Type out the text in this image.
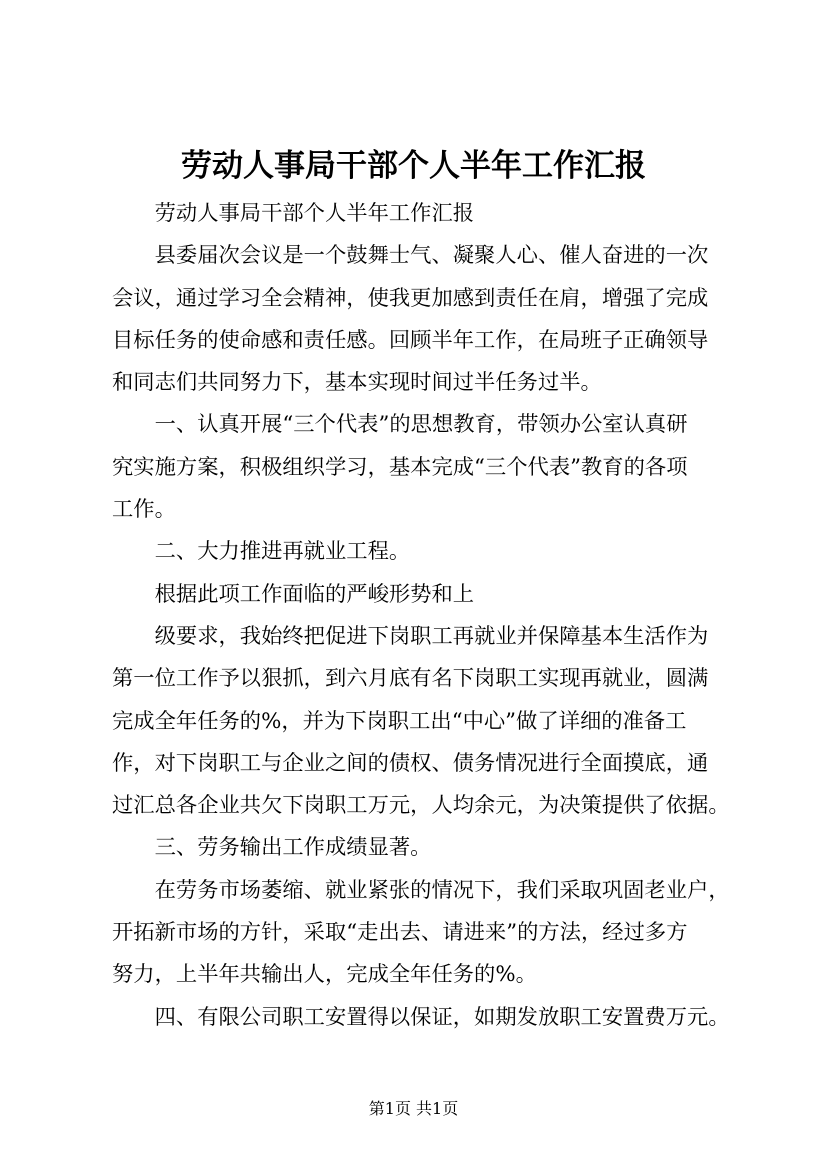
劳动人事局干部个人半年工作汇报

劳动人事局干部个人半年工作汇报

县委届次会议是一个鼓舞士气、凝聚人心、催人奋进的一次

会议，通过学习全会精神，使我更加感到责任在肩，增强了完成

目标任务的使命感和责任感。回顾半年工作，在局班子正确领导

和同志们共同努力下，基本实现时间过半任务过半。

一、认真开展“三个代表”的思想教育，带领办公室认真研

究实施方案，积极组织学习，基本完成“三个代表”教育的各项

工作。

二、大力推进再就业工程。

根据此项工作面临的严峻形势和上

级要求，我始终把促进下岗职工再就业并保障基本生活作为

第一位工作予以狠抓，到六月底有名下岗职工实现再就业，圆满

完成全年任务的%，并为下岗职工出“中心”做了详细的准备工

作，对下岗职工与企业之间的债权、债务情况进行全面摸底，通

过汇总各企业共欠下岗职工万元，人均余元，为决策提供了依据。

三、劳务输出工作成绩显著。

在劳务市场萎缩、就业紧张的情况下，我们采取巩固老业户，

开拓新市场的方针，采取“走出去、请进来”的方法，经过多方

努力，上半年共输出人，完成全年任务的%。

四、有限公司职工安置得以保证，如期发放职工安置费万元。

第1页 共1页
